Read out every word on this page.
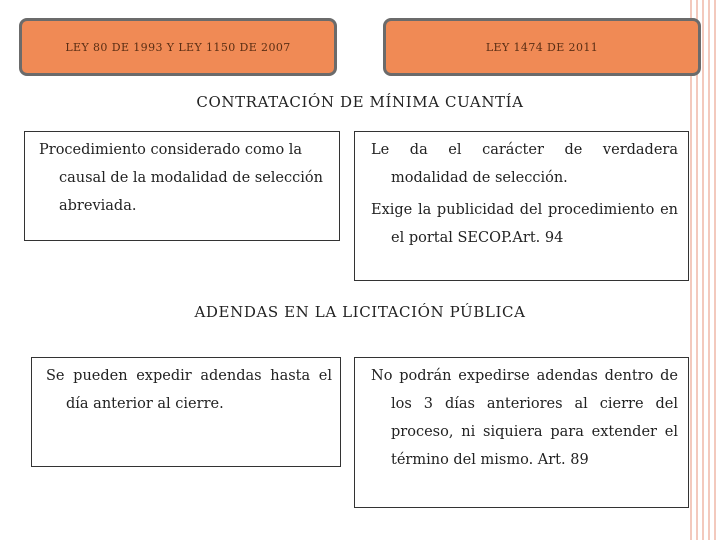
LEY 80 DE 1993 Y LEY 1150 DE 2007	LEY 1474 DE 2011
CONTRATACIÓN DE MÍNIMA CUANTÍA

Procedimiento considerado como la causal de la modalidad de selección abreviada.

Le da el carácter de verdadera modalidad de selección.

Exige la publicidad del procedimiento en el portal SECOP.Art. 94

ADENDAS EN LA LICITACIÓN PÚBLICA

Se pueden expedir adendas hasta el día anterior al cierre.

No podrán expedirse adendas dentro de los 3 días anteriores al cierre del proceso, ni siquiera para extender el término del mismo. Art. 89
